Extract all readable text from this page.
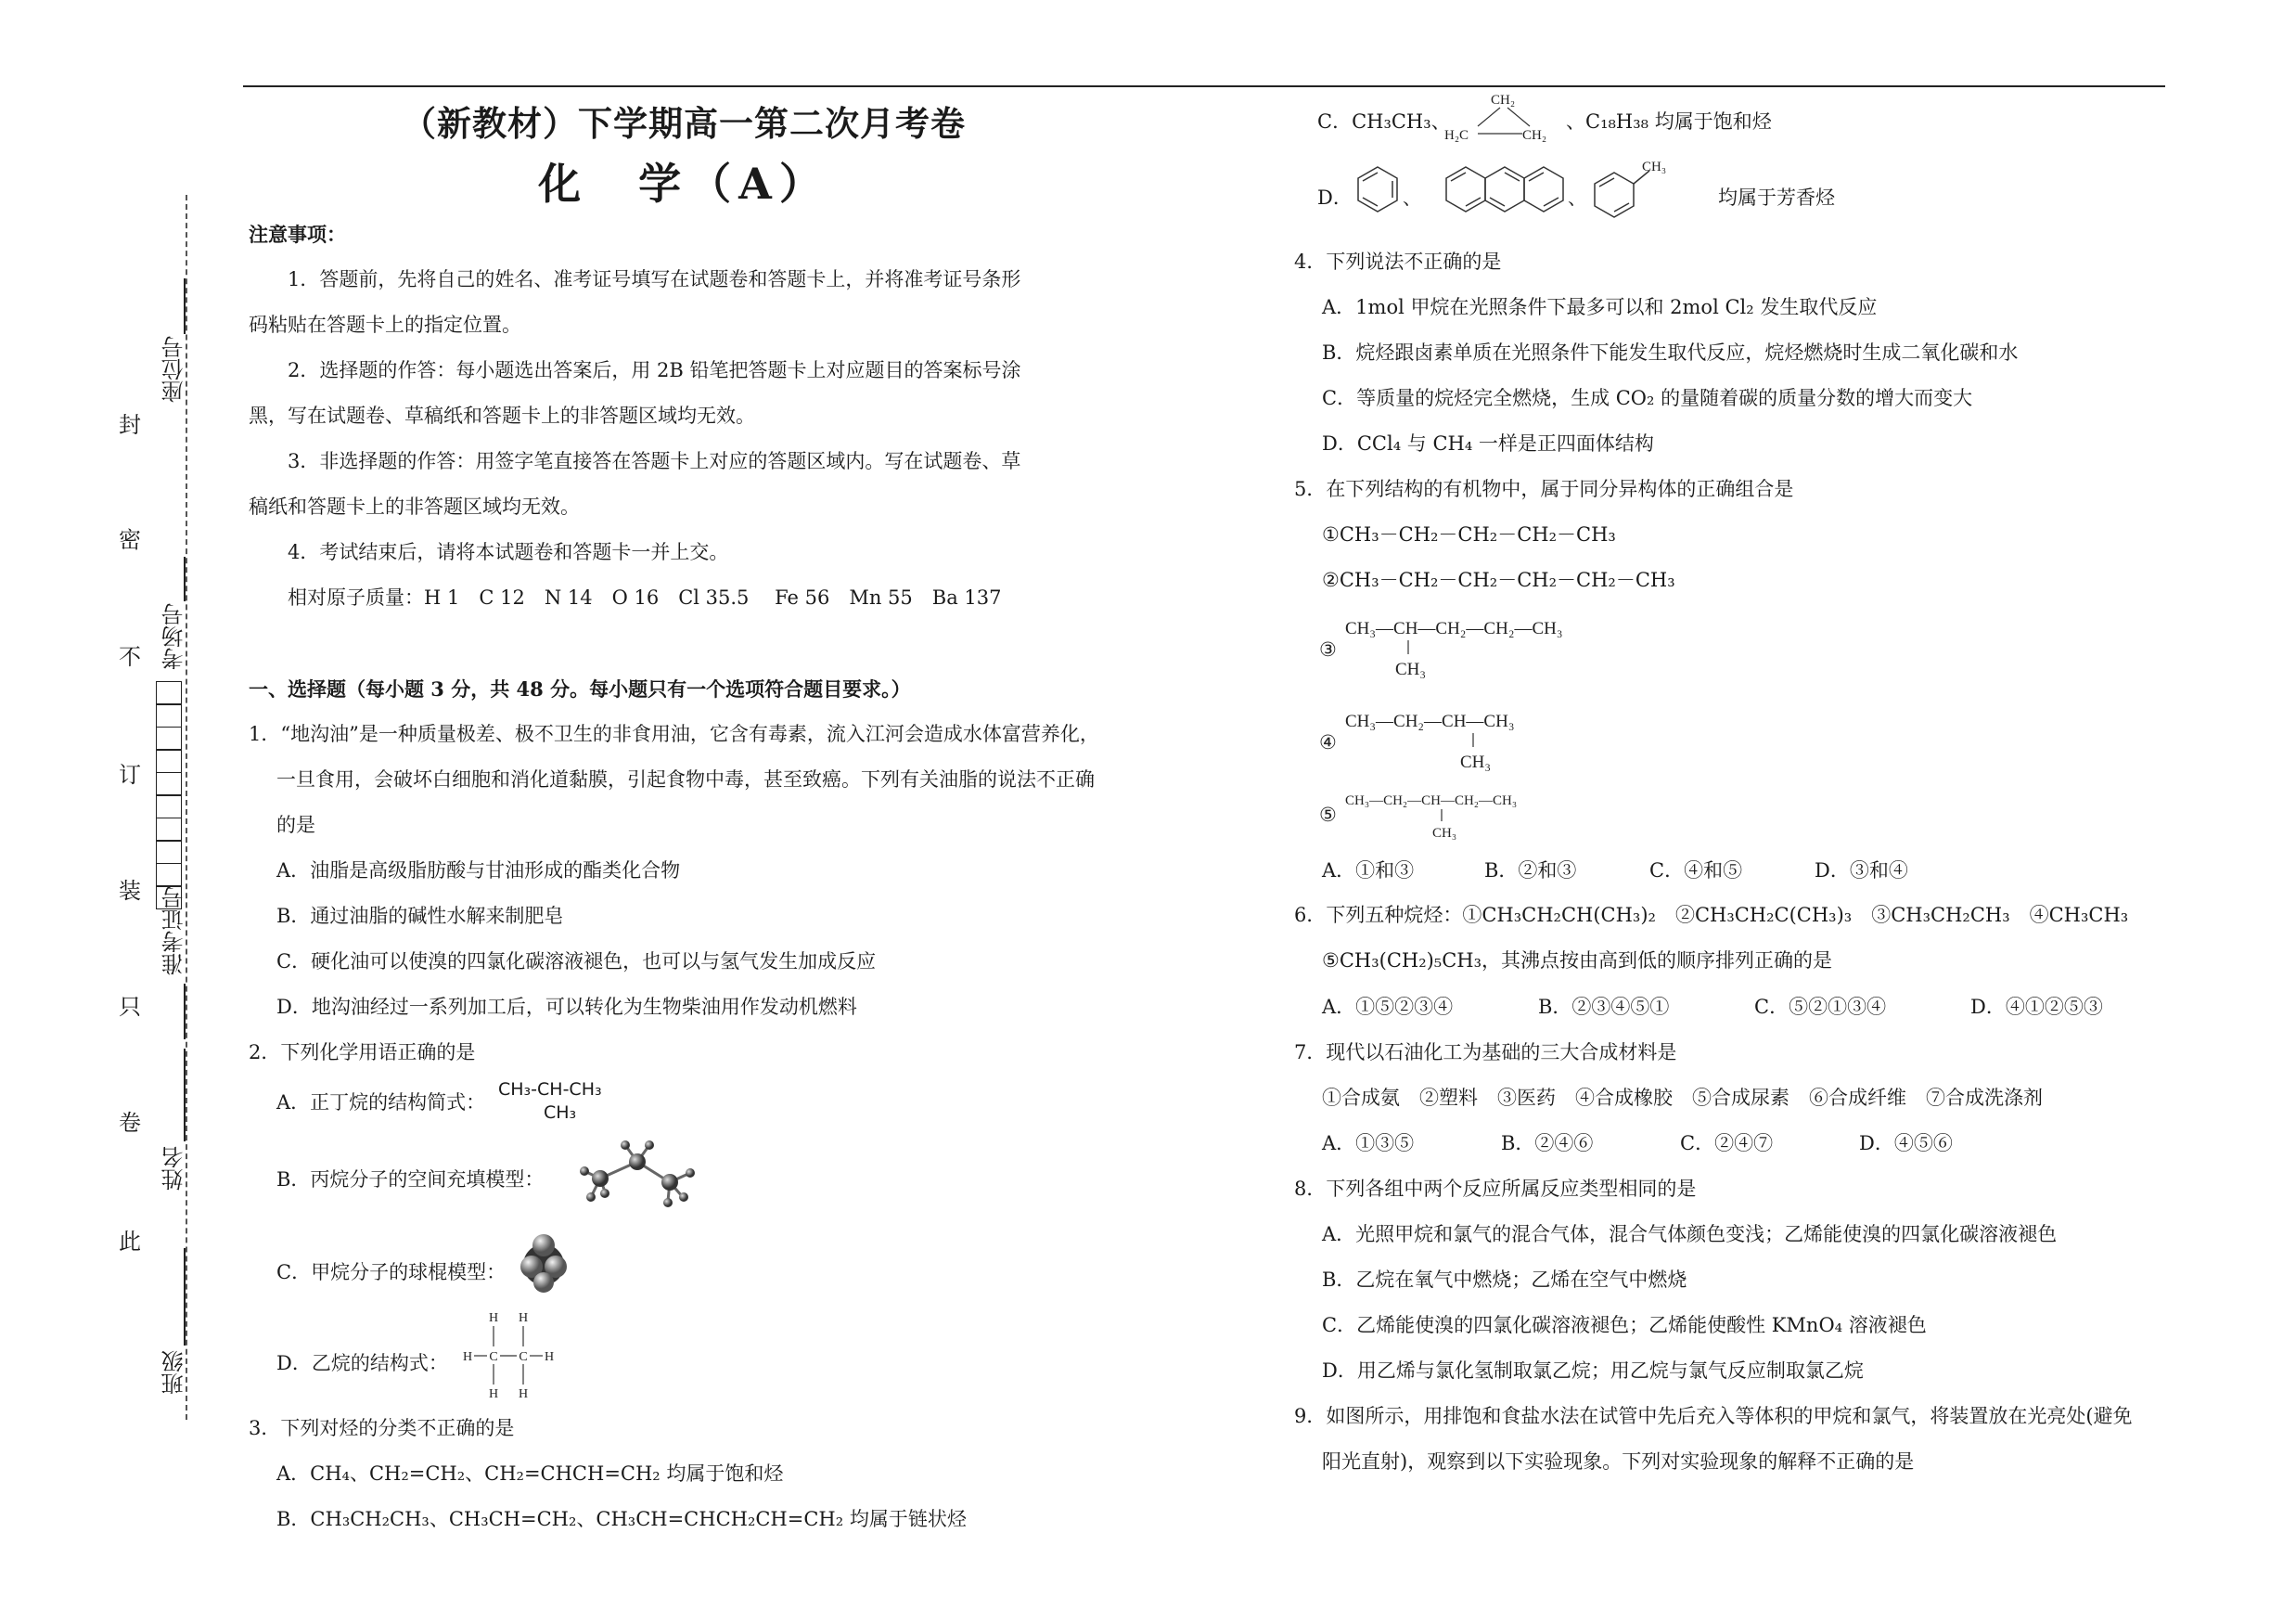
封
密
不
订
装
只
卷
此
座位号
考场号
准考证号
姓名
班级
（新教材）下学期高一第二次月考卷
化　学（A）
注意事项：
1．答题前，先将自己的姓名、准考证号填写在试题卷和答题卡上，并将准考证号条形
码粘贴在答题卡上的指定位置。
2．选择题的作答：每小题选出答案后，用 2B 铅笔把答题卡上对应题目的答案标号涂
黑，写在试题卷、草稿纸和答题卡上的非答题区域均无效。
3．非选择题的作答：用签字笔直接答在答题卡上对应的答题区域内。写在试题卷、草
稿纸和答题卡上的非答题区域均无效。
4．考试结束后，请将本试题卷和答题卡一并上交。
相对原子质量：H 1　C 12　N 14　O 16　Cl 35.5　 Fe 56　Mn 55　Ba 137
一、选择题（每小题 3 分，共 48 分。每小题只有一个选项符合题目要求。）
1．“地沟油”是一种质量极差、极不卫生的非食用油，它含有毒素，流入江河会造成水体富营养化，
一旦食用，会破坏白细胞和消化道黏膜，引起食物中毒，甚至致癌。下列有关油脂的说法不正确
的是
A．油脂是高级脂肪酸与甘油形成的酯类化合物
B．通过油脂的碱性水解来制肥皂
C．硬化油可以使溴的四氯化碳溶液褪色，也可以与氢气发生加成反应
D．地沟油经过一系列加工后，可以转化为生物柴油用作发动机燃料
2．下列化学用语正确的是
A．正丁烷的结构简式：
CH₃-CH-CH₃
CH₃
B．丙烷分子的空间充填模型：
C．甲烷分子的球棍模型：
D．乙烷的结构式：
H H
H C C H
H H
3．下列对烃的分类不正确的是
A．CH₄、CH₂=CH₂、CH₂=CHCH=CH₂ 均属于饱和烃
B．CH₃CH₂CH₃、CH₃CH=CH₂、CH₃CH=CHCH₂CH=CH₂ 均属于链状烃
C．CH₃CH₃、
CH₂
H₂C	CH₂
、C₁₈H₃₈ 均属于饱和烃
D．	、	、
CH₃
均属于芳香烃
4．下列说法不正确的是
A．1mol 甲烷在光照条件下最多可以和 2mol Cl₂ 发生取代反应
B．烷烃跟卤素单质在光照条件下能发生取代反应，烷烃燃烧时生成二氧化碳和水
C．等质量的烷烃完全燃烧，生成 CO₂ 的量随着碳的质量分数的增大而变大
D．CCl₄ 与 CH₄ 一样是正四面体结构
5．在下列结构的有机物中，属于同分异构体的正确组合是
①CH₃－CH₂－CH₂－CH₂－CH₃
②CH₃－CH₂－CH₂－CH₂－CH₂－CH₃
③
CH₃—CH—CH₂—CH₂—CH₃
CH₃
④
CH₃—CH₂—CH—CH₃
CH₃
⑤
CH₃—CH₂—CH—CH₂—CH₃
CH₃
A．①和③	B．②和③	C．④和⑤	D．③和④
6．下列五种烷烃：①CH₃CH₂CH(CH₃)₂　②CH₃CH₂C(CH₃)₃　③CH₃CH₂CH₃　④CH₃CH₃
⑤CH₃(CH₂)₅CH₃，其沸点按由高到低的顺序排列正确的是
A．①⑤②③④	B．②③④⑤①	C．⑤②①③④	D．④①②⑤③
7．现代以石油化工为基础的三大合成材料是
①合成氨　②塑料　③医药　④合成橡胶　⑤合成尿素　⑥合成纤维　⑦合成洗涤剂
A．①③⑤	B．②④⑥	C．②④⑦	D．④⑤⑥
8．下列各组中两个反应所属反应类型相同的是
A．光照甲烷和氯气的混合气体，混合气体颜色变浅；乙烯能使溴的四氯化碳溶液褪色
B．乙烷在氧气中燃烧；乙烯在空气中燃烧
C．乙烯能使溴的四氯化碳溶液褪色；乙烯能使酸性 KMnO₄ 溶液褪色
D．用乙烯与氯化氢制取氯乙烷；用乙烷与氯气反应制取氯乙烷
9．如图所示，用排饱和食盐水法在试管中先后充入等体积的甲烷和氯气，将装置放在光亮处(避免
阳光直射)，观察到以下实验现象。下列对实验现象的解释不正确的是
